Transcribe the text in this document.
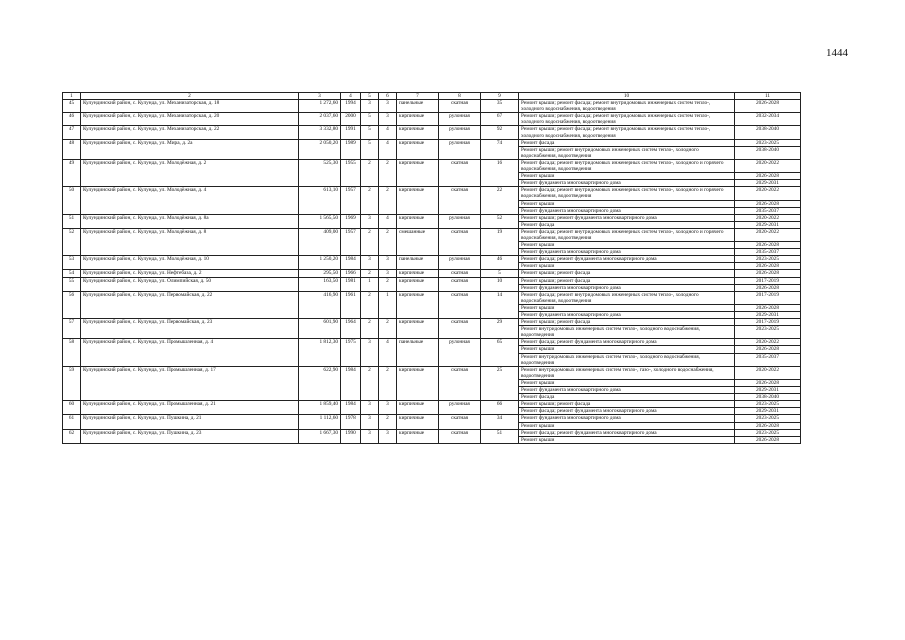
1444
1	2	3	4	5	6	7	8	9	10	11
45	Кулундинский район, с. Кулунда, ул. Механизаторская, д. 18	1 272,60	1994	3	3	панельные	скатная	35	Ремонт крыши; ремонт фасада; ремонт внутридомовых инженерных систем тепло-, холодного водоснабжения, водоотведения	2026-2028
46	Кулундинский район, с. Кулунда, ул. Механизаторская, д. 20	2 037,60	2000	5	3	кирпичные	рулонная	67	Ремонт крыши; ремонт фасада; ремонт внутридомовых инженерных систем тепло-, холодного водоснабжения, водоотведения	2032-2034
47	Кулундинский район, с. Кулунда, ул. Механизаторская, д. 22	3 332,80	1991	5	4	кирпичные	рулонная	92	Ремонт крыши; ремонт фасада; ремонт внутридомовых инженерных систем тепло-, холодного водоснабжения, водоотведения	2038-2040
48	Кулундинский район, с. Кулунда, ул. Мира, д. 2а	2 050,20	1989	5	4	кирпичные	рулонная	74	Ремонт фасада	2023-2025
									Ремонт крыши; ремонт внутридомовых инженерных систем тепло-, холодного водоснабжения, водоотведения	2038-2040
49	Кулундинский район, с. Кулунда, ул. Молодёжная, д. 2	525,30	1955	2	2	кирпичные	скатная	16	Ремонт фасада; ремонт внутридомовых инженерных систем тепло-, холодного и горячего водоснабжения, водоотведения	2020-2022
									Ремонт крыши	2026-2028
									Ремонт фундамента многоквартирного дома	2029-2031
50	Кулундинский район, с. Кулунда, ул. Молодёжная, д. 4	613,10	1957	2	2	кирпичные	скатная	22	Ремонт фасада; ремонт внутридомовых инженерных систем тепло-, холодного и горячего водоснабжения, водоотведения	2020-2022
									Ремонт крыши	2026-2028
									Ремонт фундамента многоквартирного дома	2035-2037
51	Кулундинский район, с. Кулунда, ул. Молодёжная, д. 8а	1 565,50	1969	3	4	кирпичные	рулонная	52	Ремонт крыши; ремонт фундамента многоквартирного дома	2020-2022
									Ремонт фасада	2029-2031
52	Кулундинский район, с. Кулунда, ул. Молодёжная, д. 8	409,00	1957	2	2	смешанные	скатная	19	Ремонт фасада; ремонт внутридомовых инженерных систем тепло-, холодного и горячего водоснабжения, водоотведения	2020-2022
									Ремонт крыши	2026-2028
									Ремонт фундамента многоквартирного дома	2035-2037
53	Кулундинский район, с. Кулунда, ул. Молодёжная, д. 10	1 250,20	1984	3	3	панельные	рулонная	46	Ремонт фасада; ремонт фундамента многоквартирного дома	2023-2025
									Ремонт крыши	2026-2028
54	Кулундинский район, с. Кулунда, ул. Нефтебаза, д. 2	295,50	1966	2	3	кирпичные	скатная	5	Ремонт крыши; ремонт фасада	2026-2028
55	Кулундинский район, с. Кулунда, ул. Олимпийская, д. 50	163,50	1981	1	2	кирпичные	скатная	10	Ремонт крыши; ремонт фасада	2017-2019
									Ремонт фундамента многоквартирного дома	2026-2028
56	Кулундинский район, с. Кулунда, ул. Первомайская, д. 22	416,90	1961	2	1	кирпичные	скатная	14	Ремонт фасада; ремонт внутридомовых инженерных систем тепло-, холодного водоснабжения, водоотведения	2017-2019
									Ремонт крыши	2026-2028
									Ремонт фундамента многоквартирного дома	2029-2031
57	Кулундинский район, с. Кулунда, ул. Первомайская, д. 23	601,90	1964	2	2	кирпичные	скатная	29	Ремонт крыши; ремонт фасада	2017-2019
									Ремонт внутридомовых инженерных систем тепло-, холодного водоснабжения, водоотведения	2023-2025
58	Кулундинский район, с. Кулунда, ул. Промышленная, д. 4	1 812,30	1975	3	4	панельные	рулонная	65	Ремонт фасада; ремонт фундамента многоквартирного дома	2020-2022
									Ремонт крыши	2026-2028
									Ремонт внутридомовых инженерных систем тепло-, холодного водоснабжения, водоотведения	2035-2037
59	Кулундинский район, с. Кулунда, ул. Промышленная, д. 17	622,90	1984	2	2	кирпичные	скатная	25	Ремонт внутридомовых инженерных систем тепло-, газо-, холодного водоснабжения, водоотведения	2020-2022
									Ремонт крыши	2026-2028
									Ремонт фундамента многоквартирного дома	2029-2031
									Ремонт фасада	2038-2040
60	Кулундинский район, с. Кулунда, ул. Промышленная, д. 21	1 859,40	1984	3	3	кирпичные	рулонная	66	Ремонт крыши; ремонт фасада	2023-2025
									Ремонт фасада; ремонт фундамента многоквартирного дома	2029-2031
61	Кулундинский район, с. Кулунда, ул. Пушкина, д. 21	1 112,60	1978	3	2	кирпичные	скатная	34	Ремонт фундамента многоквартирного дома	2023-2025
									Ремонт крыши	2026-2028
62	Кулундинский район, с. Кулунда, ул. Пушкина, д. 23	1 667,30	1990	3	3	кирпичные	скатная	51	Ремонт фасада; ремонт фундамента многоквартирного дома	2023-2025
									Ремонт крыши	2026-2028
